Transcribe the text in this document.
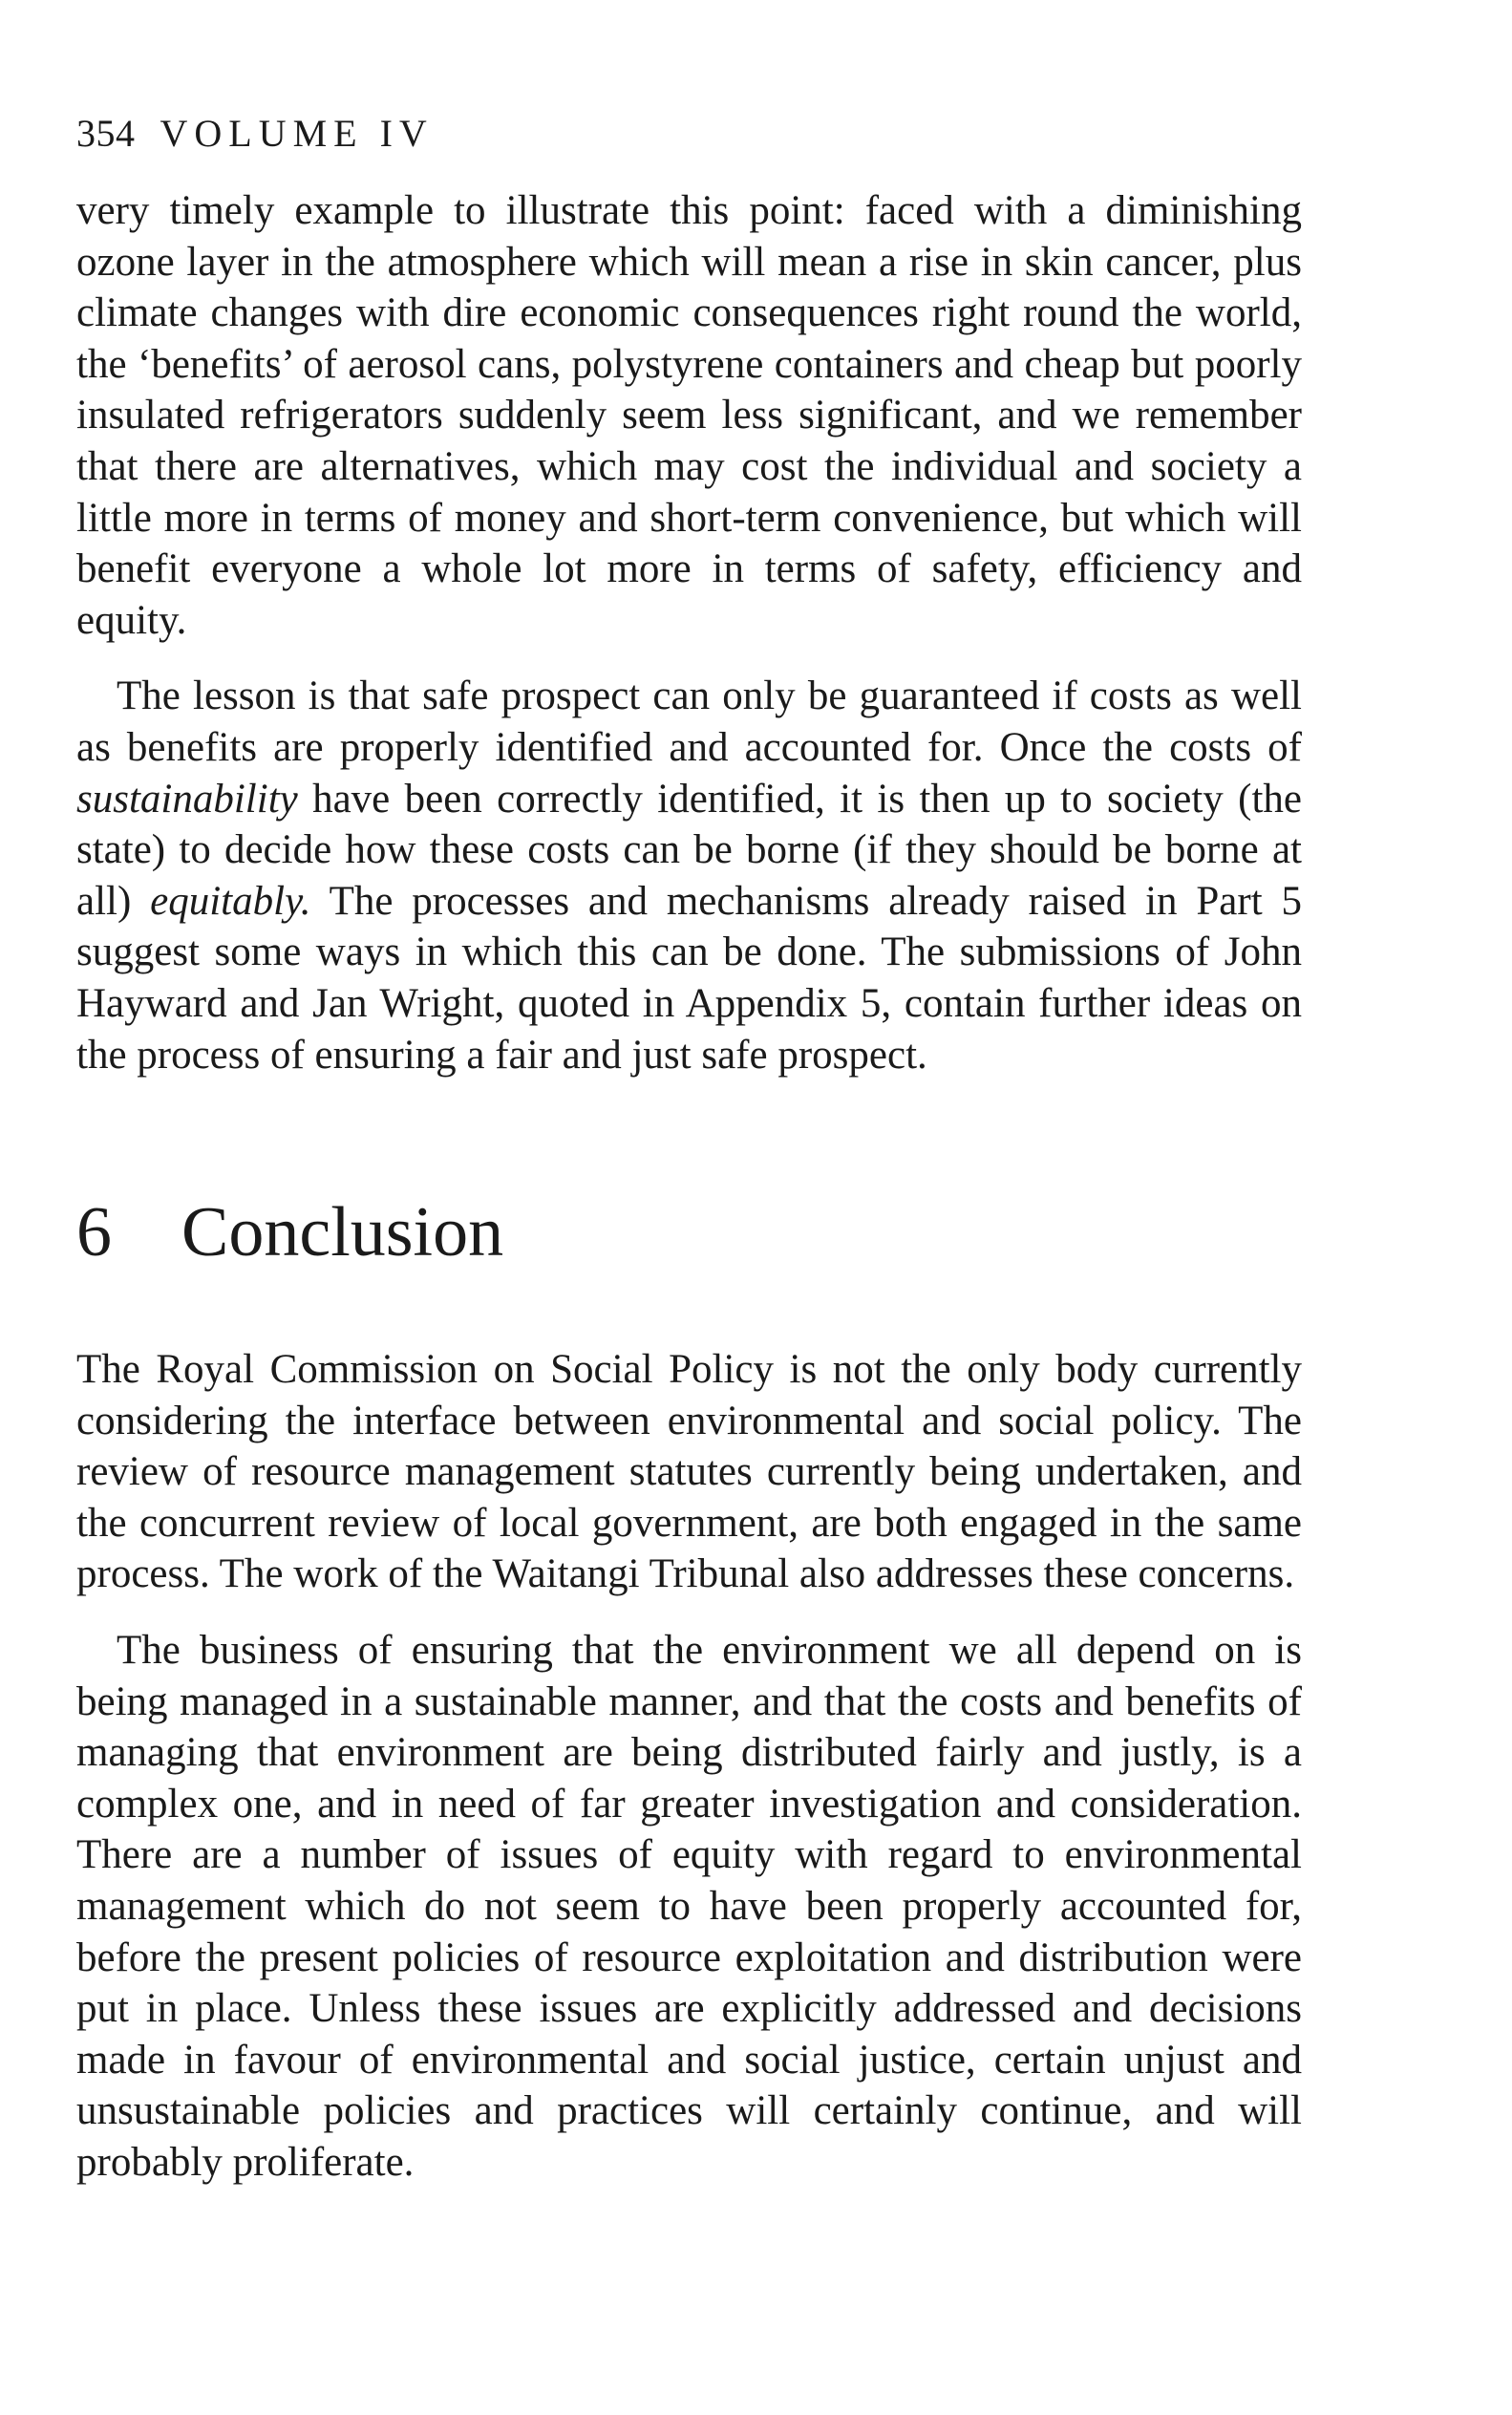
354 VOLUME IV

very timely example to illustrate this point: faced with a diminishing ozone layer in the atmosphere which will mean a rise in skin cancer, plus climate changes with dire economic consequences right round the world, the ‘benefits’ of aerosol cans, polystyrene containers and cheap but poorly insulated refrigerators suddenly seem less significant, and we remember that there are alternatives, which may cost the individual and society a little more in terms of money and short-term convenience, but which will benefit everyone a whole lot more in terms of safety, efficiency and equity.

The lesson is that safe prospect can only be guaranteed if costs as well as benefits are properly identified and accounted for. Once the costs of sustainability have been correctly identified, it is then up to society (the state) to decide how these costs can be borne (if they should be borne at all) equitably. The processes and mechanisms already raised in Part 5 suggest some ways in which this can be done. The submissions of John Hayward and Jan Wright, quoted in Appendix 5, contain further ideas on the process of ensuring a fair and just safe prospect.

6 Conclusion

The Royal Commission on Social Policy is not the only body currently considering the interface between environmental and social policy. The review of resource management statutes currently being undertaken, and the concurrent review of local government, are both engaged in the same process. The work of the Waitangi Tribunal also addresses these concerns.

The business of ensuring that the environment we all depend on is being managed in a sustainable manner, and that the costs and benefits of managing that environment are being distributed fairly and justly, is a complex one, and in need of far greater investigation and consideration. There are a number of issues of equity with regard to environmental management which do not seem to have been properly accounted for, before the present policies of resource exploitation and distribution were put in place. Unless these issues are explicitly addressed and decisions made in favour of environmental and social justice, certain unjust and unsustainable policies and practices will certainly continue, and will probably proliferate.
